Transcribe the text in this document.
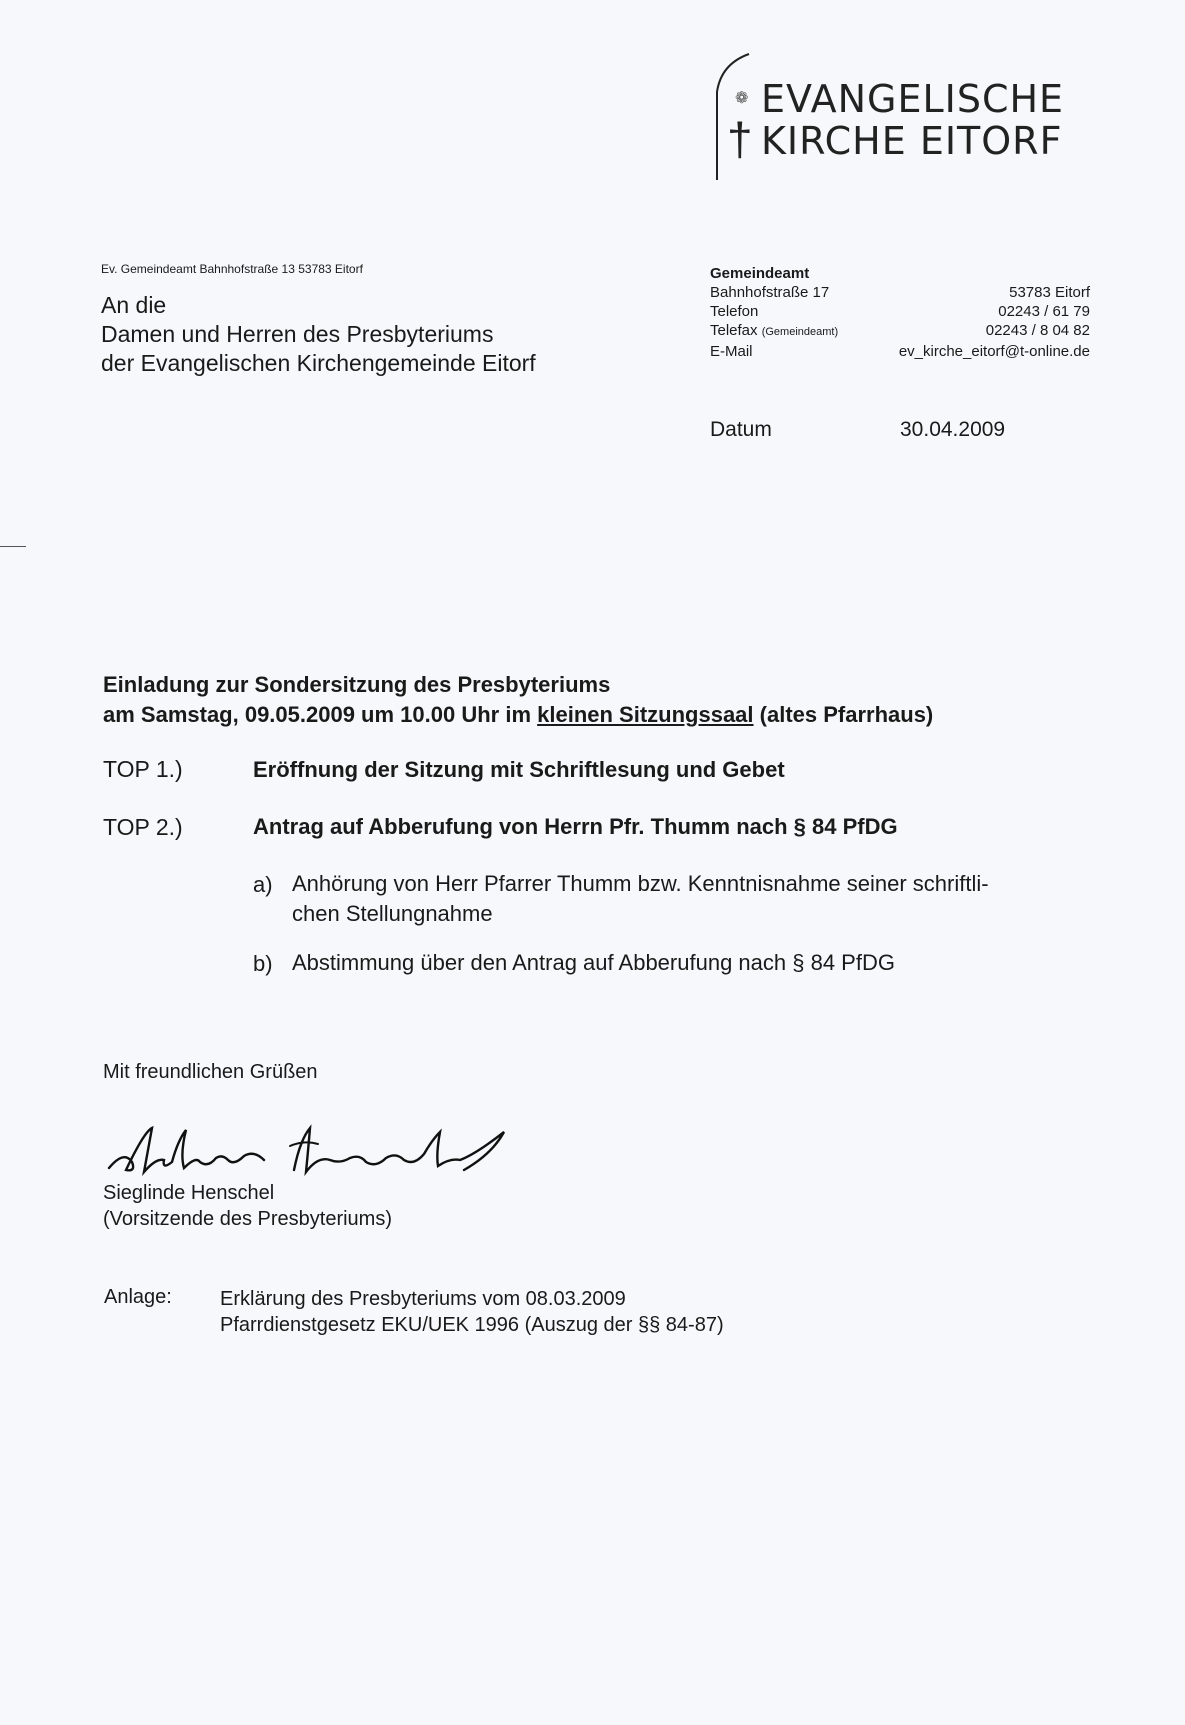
❁
†
EVANGELISCHE
KIRCHE EITORF
Ev. Gemeindeamt Bahnhofstraße 13 53783 Eitorf
An die
Damen und Herren des Presbyteriums
der Evangelischen Kirchengemeinde Eitorf
Gemeindeamt
Bahnhofstraße 17	53783 Eitorf
Telefon	02243 / 61 79
Telefax (Gemeindeamt)	02243 / 8 04 82
E-Mail	ev_kirche_eitorf@t-online.de
Datum	30.04.2009
Einladung zur Sondersitzung des Presbyteriums
am Samstag, 09.05.2009 um 10.00 Uhr im kleinen Sitzungssaal (altes Pfarrhaus)
TOP 1.)	Eröffnung der Sitzung mit Schriftlesung und Gebet
TOP 2.)	Antrag auf Abberufung von Herrn Pfr. Thumm nach § 84 PfDG
a) Anhörung von Herr Pfarrer Thumm bzw. Kenntnisnahme seiner schriftli-
chen Stellungnahme
b) Abstimmung über den Antrag auf Abberufung nach § 84 PfDG
Mit freundlichen Grüßen
Sieglinde Henschel
(Vorsitzende des Presbyteriums)
Anlage: Erklärung des Presbyteriums vom 08.03.2009
Pfarrdienstgesetz EKU/UEK 1996 (Auszug der §§ 84-87)
